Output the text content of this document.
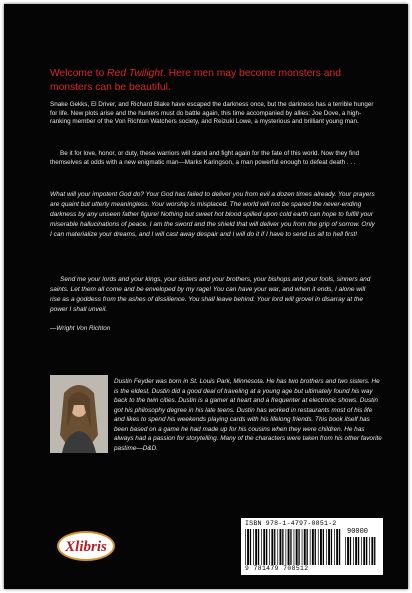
Welcome to Red Twilight. Here men may become monsters and monsters can be beautiful.
Snake Gekks, El Driver, and Richard Blake have escaped the darkness once, but the darkness has a terrible hunger for life. New plots arise and the hunters must do battle again, this time accompanied by allies: Joe Dove, a high-ranking member of the Von Richton Watchers society, and Reizuki Lowe, a mysterious and brilliant young man.
Be it for love, honor, or duty, these warriors will stand and fight again for the fate of this world. Now they find themselves at odds with a new enigmatic man—Marks Karingson, a man powerful enough to defeat death . . .
What will your impotent God do? Your God has failed to deliver you from evil a dozen times already. Your prayers are quaint but utterly meaningless. Your worship is misplaced. The world will not be spared the never-ending darkness by any unseen father figure! Nothing but sweet hot blood spilled upon cold earth can hope to fulfill your miserable hallucinations of peace. I am the sword and the shield that will deliver you from the grip of sorrow. Only I can materialize your dreams, and I will cast away despair and I will do it if I have to send us all to hell first!
Send me your lords and your kings, your sisters and your brothers, your bishops and your fools, sinners and saints. Let them all come and be enveloped by my rage! You can have your war, and when it ends, I alone will rise as a goddess from the ashes of dissilience. You shall leave behind. Your lord will grovel in disarray at the power I shall unveil.
—Wright Von Richton
Dustin Feyder was born in St. Louis Park, Minnesota. He has two brothers and two sisters. He is the eldest. Dustin did a good deal of traveling at a young age but ultimately found his way back to the twin cities. Dustin is a gamer at heart and a frequenter at electronic shows. Dustin got his philosophy degree in his late teens. Dustin has worked in restaurants most of his life and likes to spend his weekends playing cards with his lifelong friends. This book itself has been based on a game he had made up for his cousins when they were children. He has always had a passion for storytelling. Many of the characters were taken from his other favorite pastime—D&D.
Xlibris
ISBN 978-1-4797-0851-2
90000
9 781479 708512
